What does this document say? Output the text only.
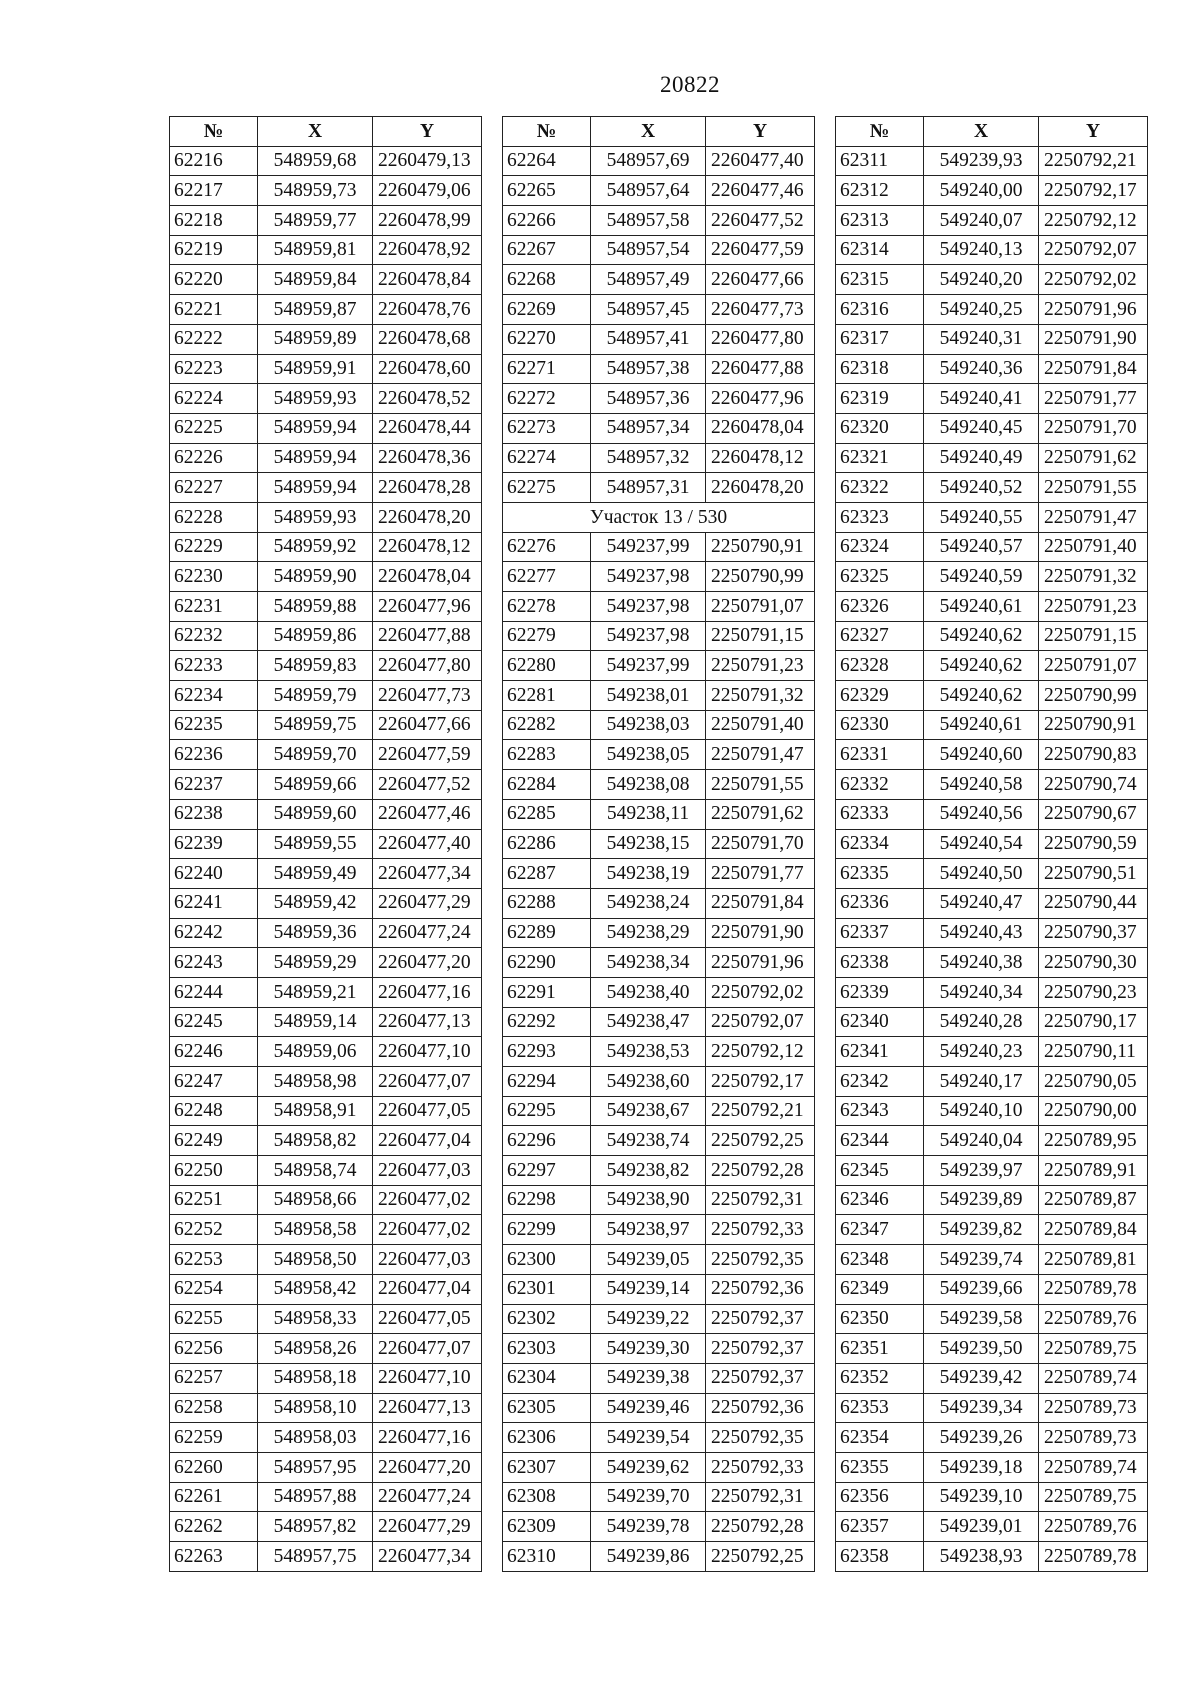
20822
№	X	Y
62216	548959,68	2260479,13
62217	548959,73	2260479,06
62218	548959,77	2260478,99
62219	548959,81	2260478,92
62220	548959,84	2260478,84
62221	548959,87	2260478,76
62222	548959,89	2260478,68
62223	548959,91	2260478,60
62224	548959,93	2260478,52
62225	548959,94	2260478,44
62226	548959,94	2260478,36
62227	548959,94	2260478,28
62228	548959,93	2260478,20
62229	548959,92	2260478,12
62230	548959,90	2260478,04
62231	548959,88	2260477,96
62232	548959,86	2260477,88
62233	548959,83	2260477,80
62234	548959,79	2260477,73
62235	548959,75	2260477,66
62236	548959,70	2260477,59
62237	548959,66	2260477,52
62238	548959,60	2260477,46
62239	548959,55	2260477,40
62240	548959,49	2260477,34
62241	548959,42	2260477,29
62242	548959,36	2260477,24
62243	548959,29	2260477,20
62244	548959,21	2260477,16
62245	548959,14	2260477,13
62246	548959,06	2260477,10
62247	548958,98	2260477,07
62248	548958,91	2260477,05
62249	548958,82	2260477,04
62250	548958,74	2260477,03
62251	548958,66	2260477,02
62252	548958,58	2260477,02
62253	548958,50	2260477,03
62254	548958,42	2260477,04
62255	548958,33	2260477,05
62256	548958,26	2260477,07
62257	548958,18	2260477,10
62258	548958,10	2260477,13
62259	548958,03	2260477,16
62260	548957,95	2260477,20
62261	548957,88	2260477,24
62262	548957,82	2260477,29
62263	548957,75	2260477,34
№	X	Y
62264	548957,69	2260477,40
62265	548957,64	2260477,46
62266	548957,58	2260477,52
62267	548957,54	2260477,59
62268	548957,49	2260477,66
62269	548957,45	2260477,73
62270	548957,41	2260477,80
62271	548957,38	2260477,88
62272	548957,36	2260477,96
62273	548957,34	2260478,04
62274	548957,32	2260478,12
62275	548957,31	2260478,20
Участок 13 / 530		
62276	549237,99	2250790,91
62277	549237,98	2250790,99
62278	549237,98	2250791,07
62279	549237,98	2250791,15
62280	549237,99	2250791,23
62281	549238,01	2250791,32
62282	549238,03	2250791,40
62283	549238,05	2250791,47
62284	549238,08	2250791,55
62285	549238,11	2250791,62
62286	549238,15	2250791,70
62287	549238,19	2250791,77
62288	549238,24	2250791,84
62289	549238,29	2250791,90
62290	549238,34	2250791,96
62291	549238,40	2250792,02
62292	549238,47	2250792,07
62293	549238,53	2250792,12
62294	549238,60	2250792,17
62295	549238,67	2250792,21
62296	549238,74	2250792,25
62297	549238,82	2250792,28
62298	549238,90	2250792,31
62299	549238,97	2250792,33
62300	549239,05	2250792,35
62301	549239,14	2250792,36
62302	549239,22	2250792,37
62303	549239,30	2250792,37
62304	549239,38	2250792,37
62305	549239,46	2250792,36
62306	549239,54	2250792,35
62307	549239,62	2250792,33
62308	549239,70	2250792,31
62309	549239,78	2250792,28
62310	549239,86	2250792,25
№	X	Y
62311	549239,93	2250792,21
62312	549240,00	2250792,17
62313	549240,07	2250792,12
62314	549240,13	2250792,07
62315	549240,20	2250792,02
62316	549240,25	2250791,96
62317	549240,31	2250791,90
62318	549240,36	2250791,84
62319	549240,41	2250791,77
62320	549240,45	2250791,70
62321	549240,49	2250791,62
62322	549240,52	2250791,55
62323	549240,55	2250791,47
62324	549240,57	2250791,40
62325	549240,59	2250791,32
62326	549240,61	2250791,23
62327	549240,62	2250791,15
62328	549240,62	2250791,07
62329	549240,62	2250790,99
62330	549240,61	2250790,91
62331	549240,60	2250790,83
62332	549240,58	2250790,74
62333	549240,56	2250790,67
62334	549240,54	2250790,59
62335	549240,50	2250790,51
62336	549240,47	2250790,44
62337	549240,43	2250790,37
62338	549240,38	2250790,30
62339	549240,34	2250790,23
62340	549240,28	2250790,17
62341	549240,23	2250790,11
62342	549240,17	2250790,05
62343	549240,10	2250790,00
62344	549240,04	2250789,95
62345	549239,97	2250789,91
62346	549239,89	2250789,87
62347	549239,82	2250789,84
62348	549239,74	2250789,81
62349	549239,66	2250789,78
62350	549239,58	2250789,76
62351	549239,50	2250789,75
62352	549239,42	2250789,74
62353	549239,34	2250789,73
62354	549239,26	2250789,73
62355	549239,18	2250789,74
62356	549239,10	2250789,75
62357	549239,01	2250789,76
62358	549238,93	2250789,78
